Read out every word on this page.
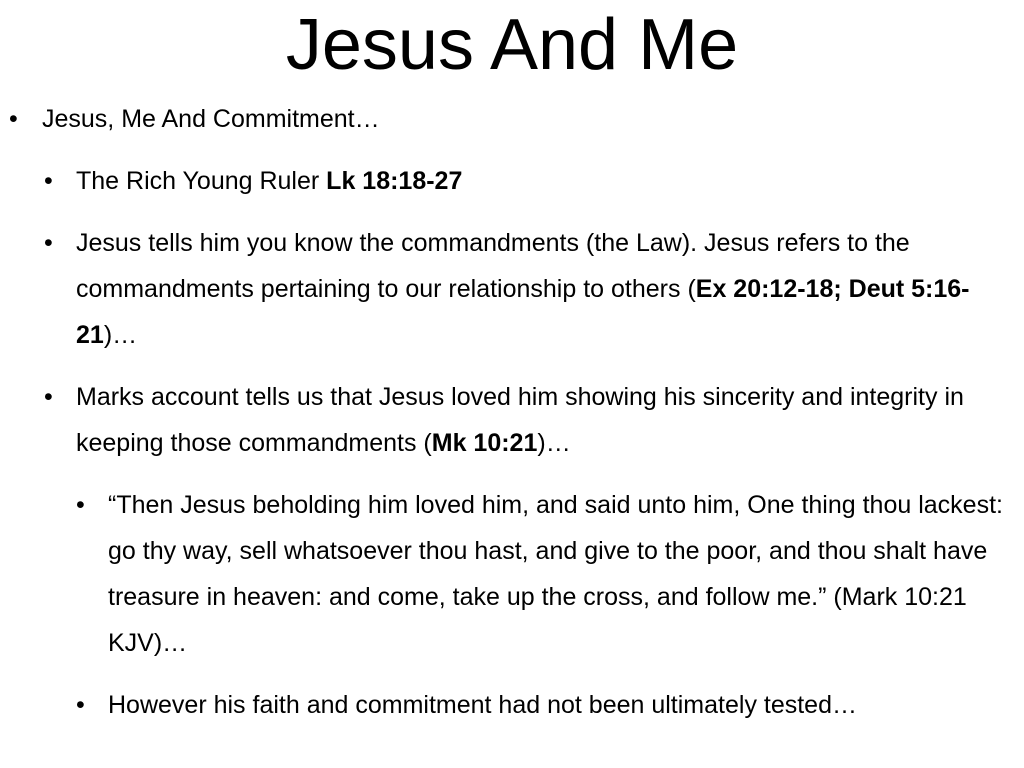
Jesus And Me

• Jesus, Me And Commitment…

• The Rich Young Ruler Lk 18:18-27

• Jesus tells him you know the commandments (the Law). Jesus refers to the commandments pertaining to our relationship to others (Ex 20:12-18; Deut 5:16-21)…

• Marks account tells us that Jesus loved him showing his sincerity and integrity in keeping those commandments (Mk 10:21)…

• “Then Jesus beholding him loved him, and said unto him, One thing thou lackest: go thy way, sell whatsoever thou hast, and give to the poor, and thou shalt have treasure in heaven: and come, take up the cross, and follow me.” (Mark 10:21 KJV)…

• However his faith and commitment had not been ultimately tested…
